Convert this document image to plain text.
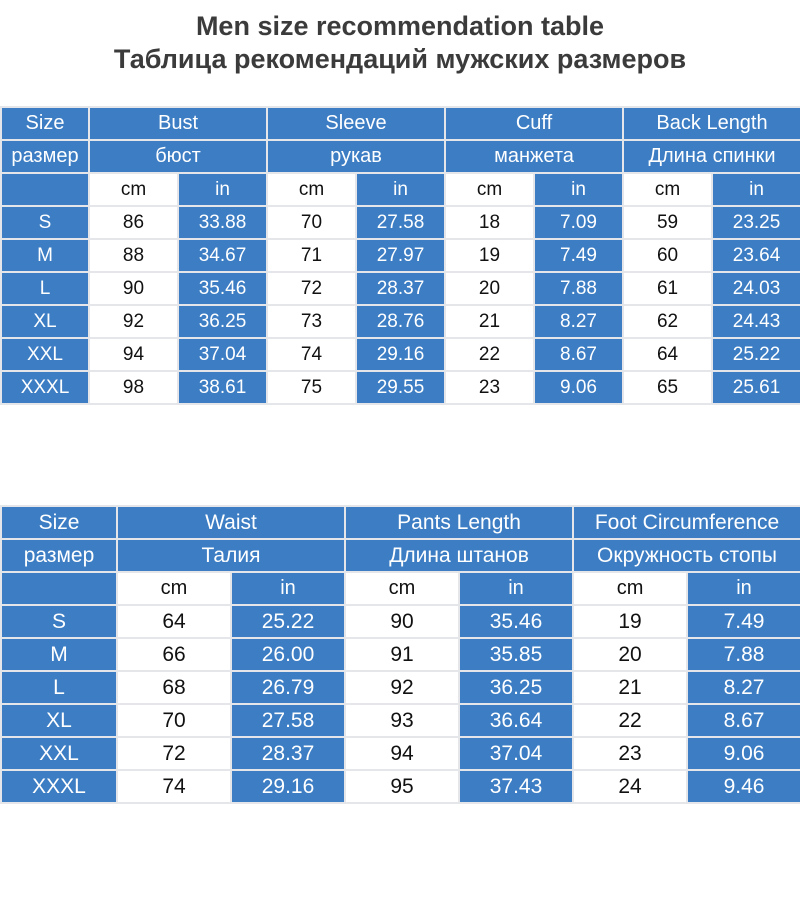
Men size recommendation table
Таблица рекомендаций мужских размеров
Size	Bust		Sleeve		Cuff		Back Length	
размер	бюст		рукав		манжета		Длина спинки	
	cm	in	cm	in	cm	in	cm	in
S	86	33.88	70	27.58	18	7.09	59	23.25
M	88	34.67	71	27.97	19	7.49	60	23.64
L	90	35.46	72	28.37	20	7.88	61	24.03
XL	92	36.25	73	28.76	21	8.27	62	24.43
XXL	94	37.04	74	29.16	22	8.67	64	25.22
XXXL	98	38.61	75	29.55	23	9.06	65	25.61
Size	Waist		Pants Length		Foot Circumference	
размер	Талия		Длина штанов		Окружность стопы	
	cm	in	cm	in	cm	in
S	64	25.22	90	35.46	19	7.49
M	66	26.00	91	35.85	20	7.88
L	68	26.79	92	36.25	21	8.27
XL	70	27.58	93	36.64	22	8.67
XXL	72	28.37	94	37.04	23	9.06
XXXL	74	29.16	95	37.43	24	9.46
